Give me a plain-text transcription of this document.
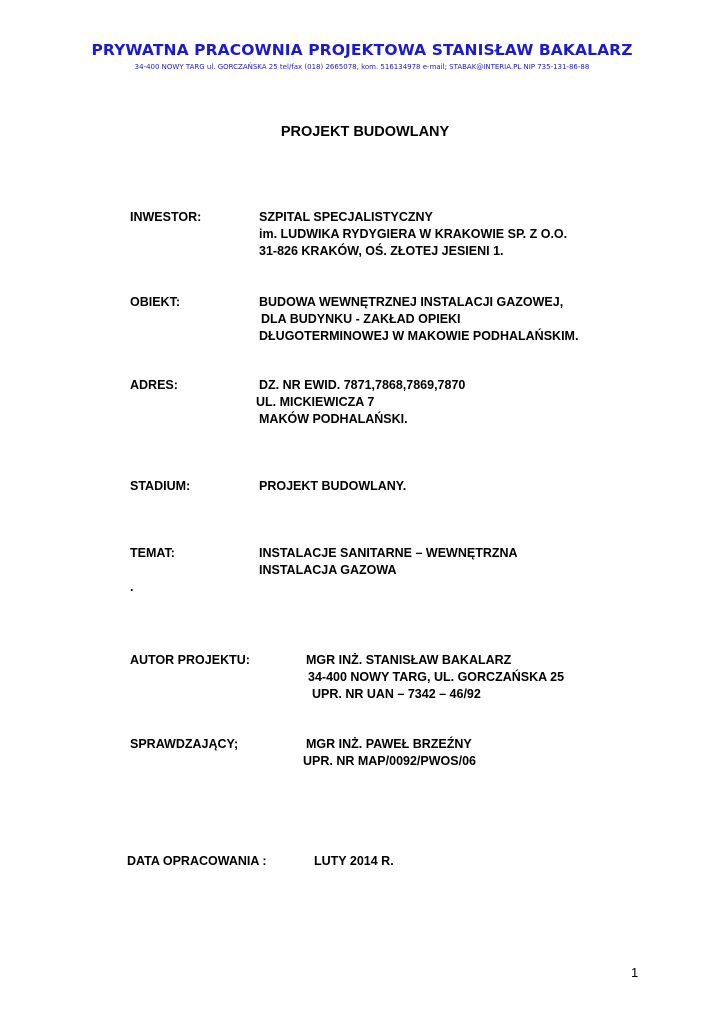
PRYWATNA PRACOWNIA PROJEKTOWA STANISŁAW BAKALARZ
34-400 NOWY TARG ul. GORCZAŃSKA 25 tel/fax (018) 2665078, kom. 516134978 e-mail; STABAK@INTERIA.PL NIP 735-131-86-88
PROJEKT BUDOWLANY
INWESTOR:	SZPITAL SPECJALISTYCZNY
im. LUDWIKA RYDYGIERA W KRAKOWIE SP. Z O.O.
31-826 KRAKÓW, OŚ. ZŁOTEJ JESIENI 1.
OBIEKT:	BUDOWA WEWNĘTRZNEJ INSTALACJI GAZOWEJ,
DLA BUDYNKU - ZAKŁAD OPIEKI
DŁUGOTERMINOWEJ W MAKOWIE PODHALAŃSKIM.
ADRES:	DZ. NR EWID. 7871,7868,7869,7870
UL. MICKIEWICZA 7
MAKÓW PODHALAŃSKI.
STADIUM:	PROJEKT BUDOWLANY.
TEMAT:	INSTALACJE SANITARNE – WEWNĘTRZNA
INSTALACJA GAZOWA
.
AUTOR PROJEKTU:	MGR INŻ. STANISŁAW BAKALARZ
34-400 NOWY TARG, UL. GORCZAŃSKA 25
UPR. NR UAN – 7342 – 46/92
SPRAWDZAJĄCY;	MGR INŻ. PAWEŁ BRZEŹNY
UPR. NR MAP/0092/PWOS/06
DATA OPRACOWANIA :	LUTY 2014 R.
1
